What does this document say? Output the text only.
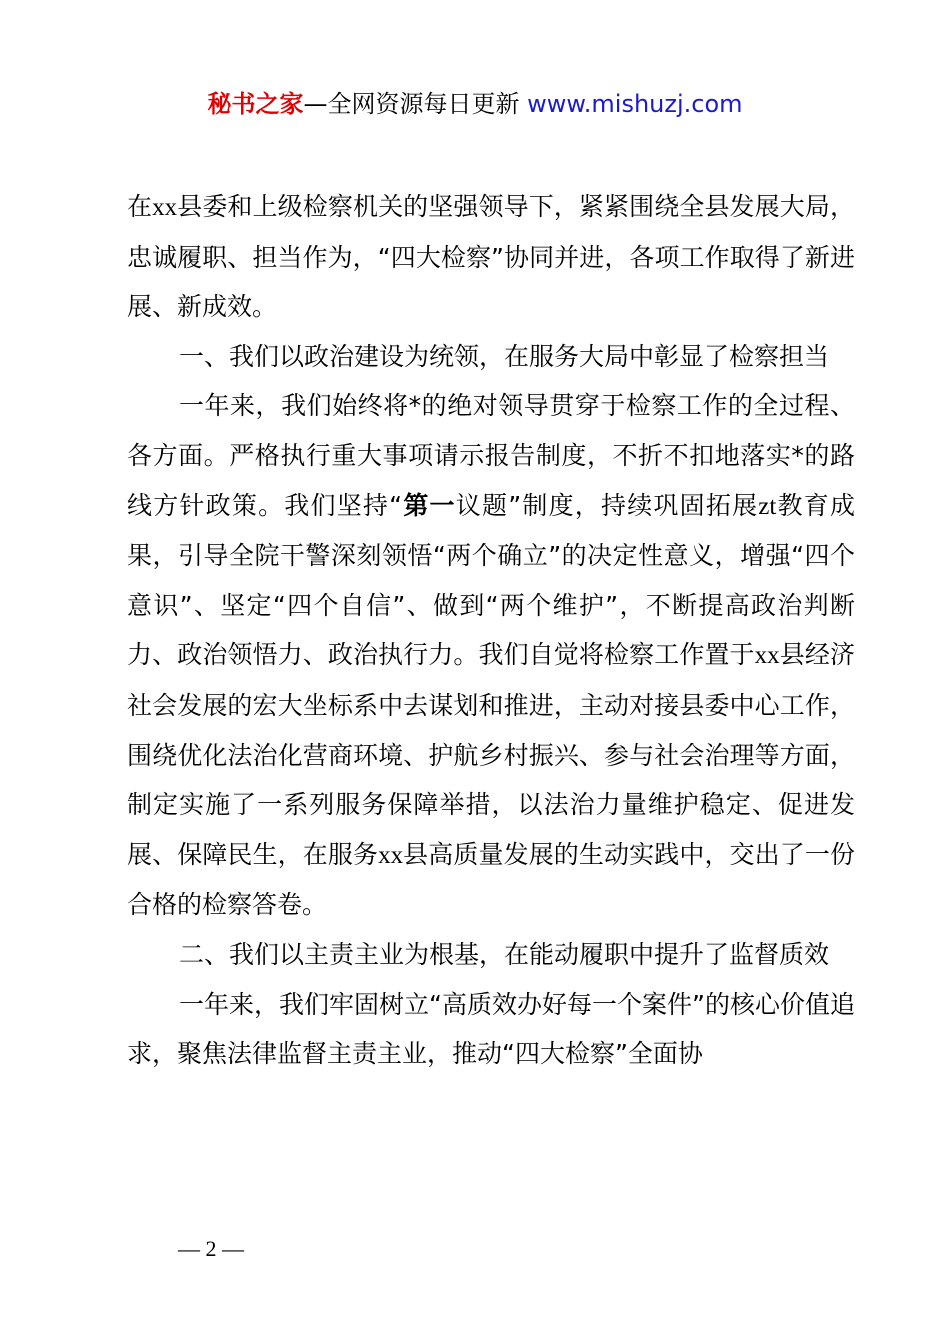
秘书之家—全网资源每日更新 www.mishuzj.com

在xx县委和上级检察机关的坚强领导下，紧紧围绕全县发展大局，忠诚履职、担当作为，“四大检察”协同并进，各项工作取得了新进展、新成效。

一、我们以政治建设为统领，在服务大局中彰显了检察担当

一年来，我们始终将*的绝对领导贯穿于检察工作的全过程、各方面。严格执行重大事项请示报告制度，不折不扣地落实*的路线方针政策。我们坚持“第一议题”制度，持续巩固拓展zt教育成果，引导全院干警深刻领悟“两个确立”的决定性意义，增强“四个意识”、坚定“四个自信”、做到“两个维护”，不断提高政治判断力、政治领悟力、政治执行力。我们自觉将检察工作置于xx县经济社会发展的宏大坐标系中去谋划和推进，主动对接县委中心工作，围绕优化法治化营商环境、护航乡村振兴、参与社会治理等方面，制定实施了一系列服务保障举措，以法治力量维护稳定、促进发展、保障民生，在服务xx县高质量发展的生动实践中，交出了一份合格的检察答卷。

二、我们以主责主业为根基，在能动履职中提升了监督质效

一年来，我们牢固树立“高质效办好每一个案件”的核心价值追求，聚焦法律监督主责主业，推动“四大检察”全面协

— 2 —
